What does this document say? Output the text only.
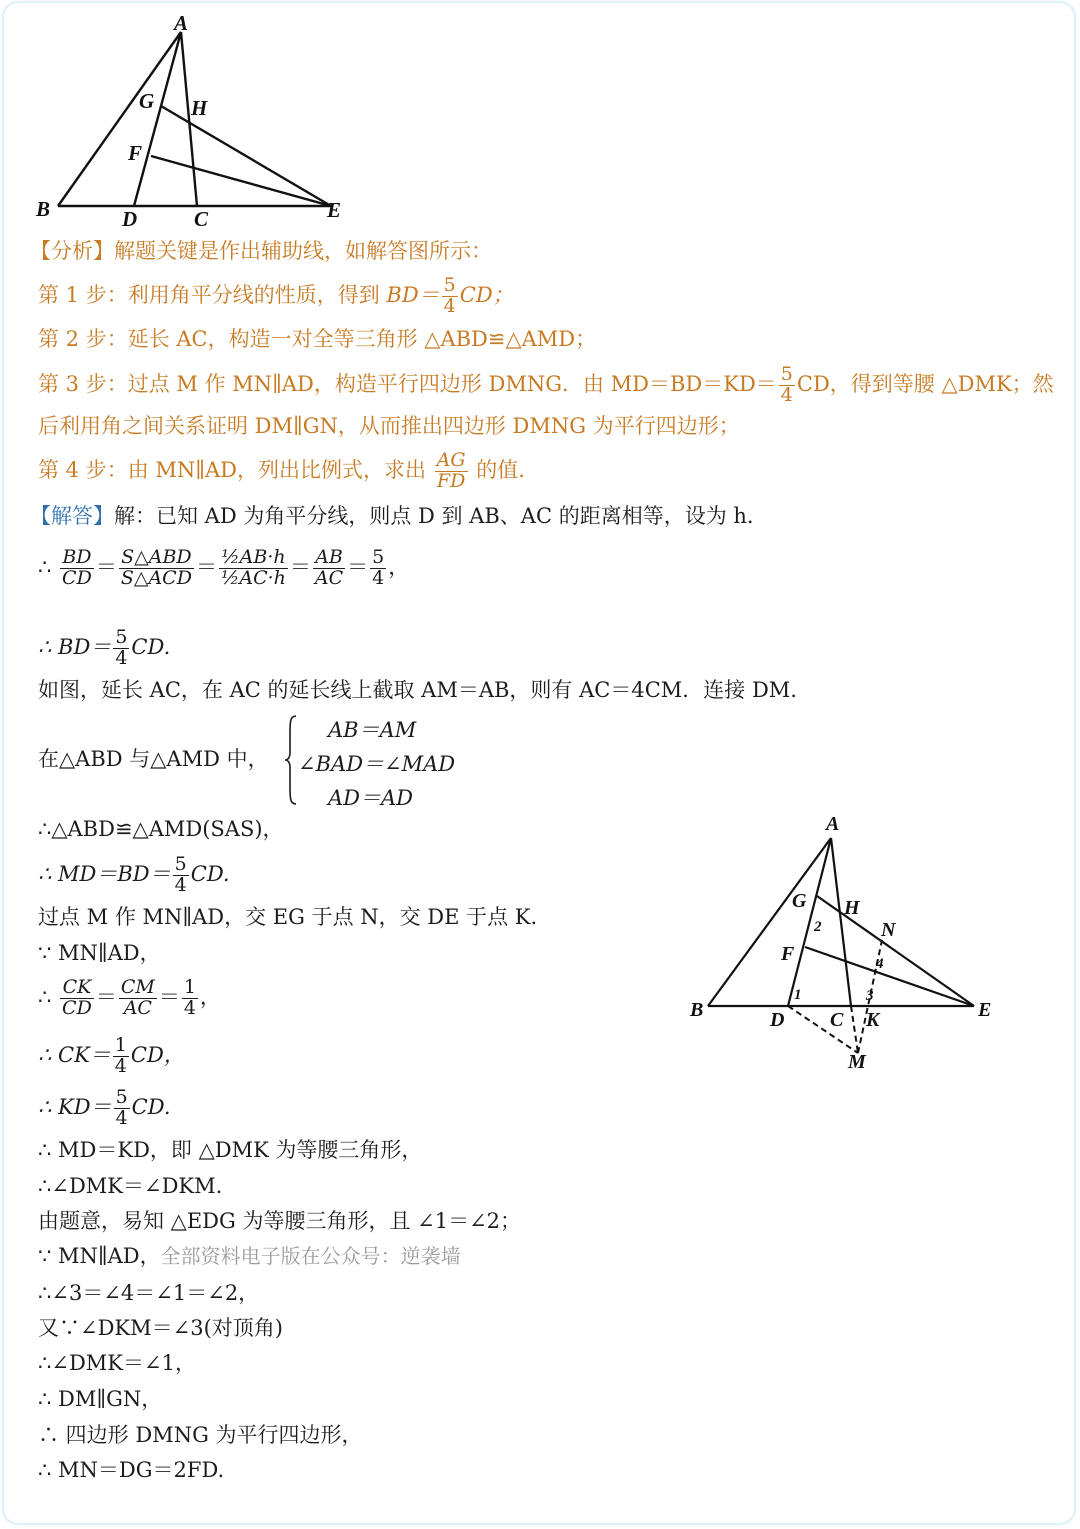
A
G H
F
B	D	C	E
【分析】解题关键是作出辅助线，如解答图所示：
第 1 步：利用角平分线的性质，得到 $BD= \frac{5}{4}$ CD；
第 2 步：延长 AC，构造一对全等三角形 △ABD≌△AMD；
第 3 步：过点 M 作 MN∥AD，构造平行四边形 DMNG．由 $MD=BD=KD= \frac{5}{4}$ CD，得到等腰 △DMK；然
后利用角之间关系证明 DM∥GN，从而推出四边形 DMNG 为平行四边形；
第 4 步：由 MN∥AD，列出比例式，求出 $\frac{AG}{FD}$ 的值.
【解答】解：已知 AD 为角平分线，则点 D 到 AB、AC 的距离相等，设为 h.
∴ $\frac{BD}{CD} = \frac{\text{S△ABD}}{\text{S△ACD}} = \frac{\text{½AB·h}}{\text{½AC·h}} = \frac{AB}{AC} = \frac{5}{4}$ ，
∴ $BD= \frac{5}{4}$ CD.
如图，延长 AC，在 AC 的延长线上截取 AM＝AB，则有 AC＝4CM．连接 DM.
在△ABD 与△AMD 中，
AB＝AM
∠BAD＝∠MAD
AD＝AD
∴△ABD≌△AMD(SAS)，
∴ $MD=BD= \frac{5}{4}$ CD.
过点 M 作 MN∥AD，交 EG 于点 N，交 DE 于点 K.
∵ MN∥AD，
∴ $\frac{CK}{CD} = \frac{CM}{AC} = \frac{1}{4}$ ，
∴ $CK= \frac{1}{4}$ CD，
∴ $KD= \frac{5}{4}$ CD.
∴ MD＝KD，即 △DMK 为等腰三角形，
∴∠DMK＝∠DKM.
由题意，易知 △EDG 为等腰三角形，且 ∠1＝∠2；
∵ MN∥AD，全部资料电子版在公众号：逆袭墙
∴∠3＝∠4＝∠1＝∠2，
又∵∠DKM＝∠3(对顶角)
∴∠DMK＝∠1，
∴ DM∥GN，
∴ 四边形 DMNG 为平行四边形，
∴ MN＝DG＝2FD.
A
G H
N
F
B	D C K	E
M
1
2
3
4
